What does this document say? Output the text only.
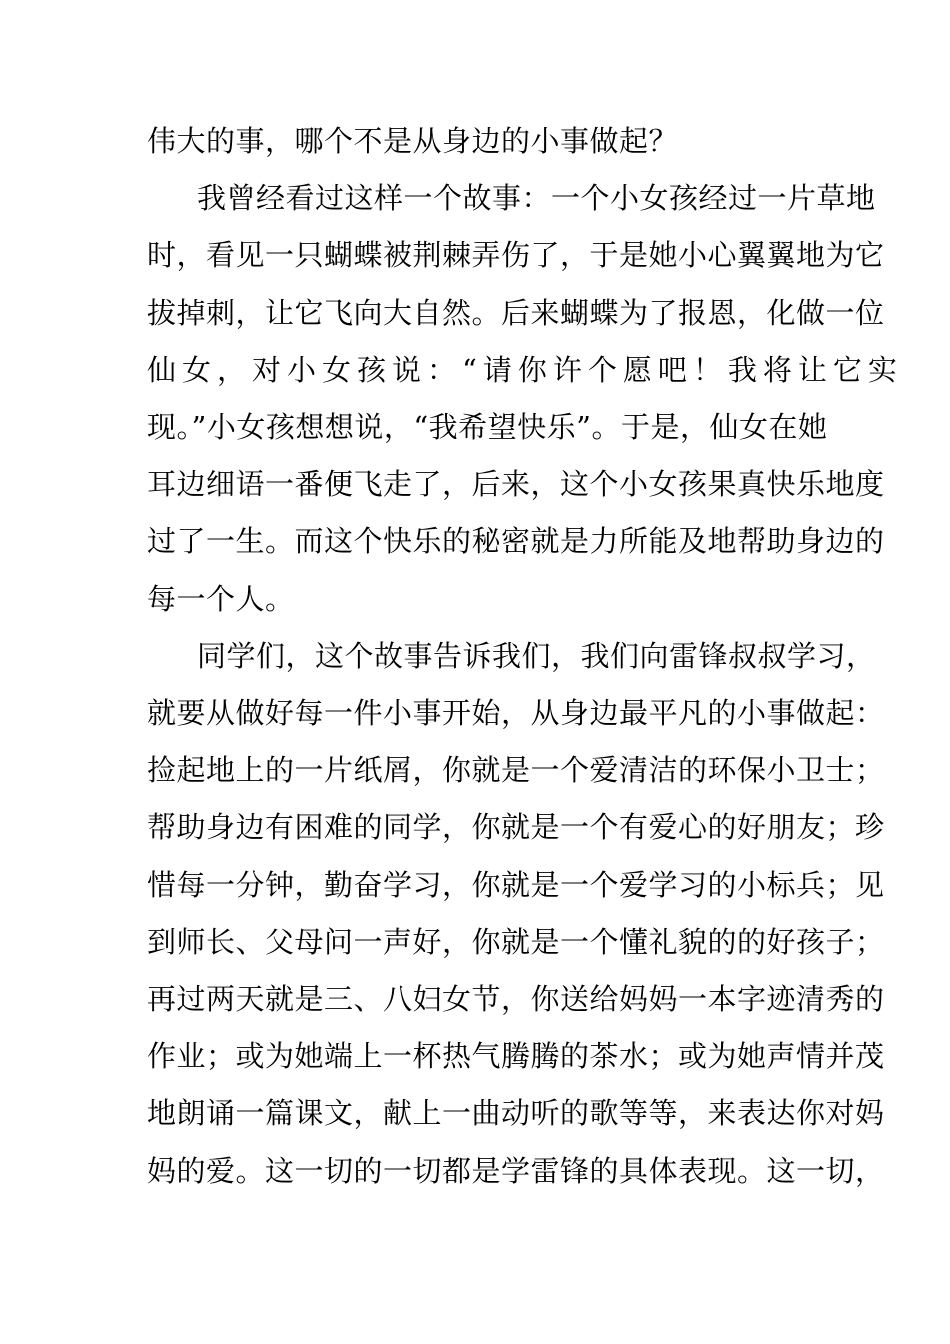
伟大的事，哪个不是从身边的小事做起？
我曾经看过这样一个故事：一个小女孩经过一片草地
时，看见一只蝴蝶被荆棘弄伤了，于是她小心翼翼地为它
拔掉刺，让它飞向大自然。后来蝴蝶为了报恩，化做一位
仙女，对小女孩说：“请你许个愿吧！我将让它实
现。”小女孩想想说，“我希望快乐”。于是，仙女在她
耳边细语一番便飞走了，后来，这个小女孩果真快乐地度
过了一生。而这个快乐的秘密就是力所能及地帮助身边的
每一个人。
同学们，这个故事告诉我们，我们向雷锋叔叔学习，
就要从做好每一件小事开始，从身边最平凡的小事做起：
捡起地上的一片纸屑，你就是一个爱清洁的环保小卫士；
帮助身边有困难的同学，你就是一个有爱心的好朋友；珍
惜每一分钟，勤奋学习，你就是一个爱学习的小标兵；见
到师长、父母问一声好，你就是一个懂礼貌的的好孩子；
再过两天就是三、八妇女节，你送给妈妈一本字迹清秀的
作业；或为她端上一杯热气腾腾的茶水；或为她声情并茂
地朗诵一篇课文，献上一曲动听的歌等等，来表达你对妈
妈的爱。这一切的一切都是学雷锋的具体表现。这一切，
